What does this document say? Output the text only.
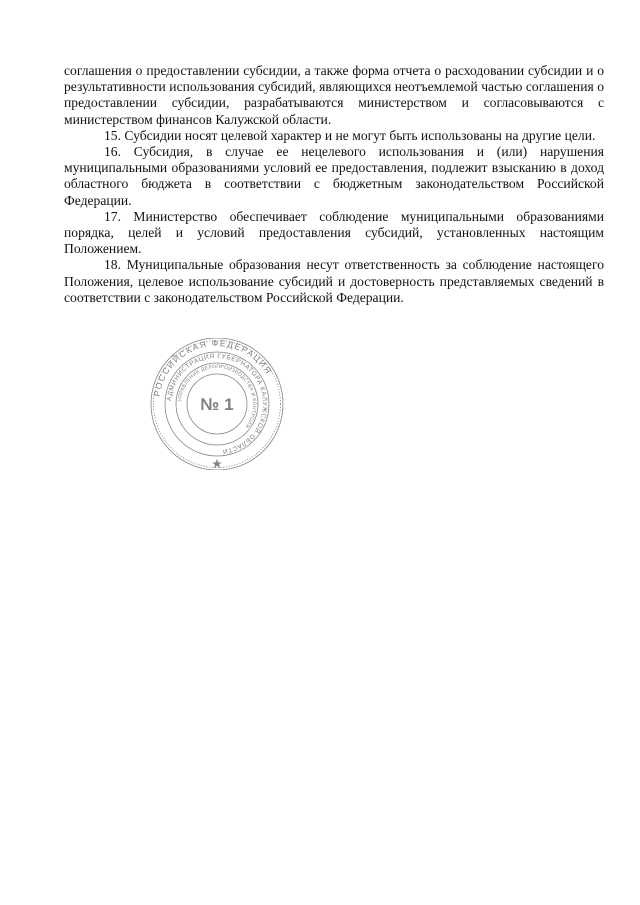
соглашения о предоставлении субсидии, а также форма отчета о расходовании субсидии и о результативности использования субсидий, являющихся неотъемлемой частью соглашения о предоставлении субсидии, разрабатываются министерством и согласовываются с министерством финансов Калужской области.

15. Субсидии носят целевой характер и не могут быть использованы на другие цели.

16. Субсидия, в случае ее нецелевого использования и (или) нарушения муниципальными образованиями условий ее предоставления, подлежит взысканию в доход областного бюджета в соответствии с бюджетным законодательством Российской Федерации.

17. Министерство обеспечивает соблюдение муниципальными образованиями порядка, целей и условий предоставления субсидий, установленных настоящим Положением.

18. Муниципальные образования несут ответственность за соблюдение настоящего Положения, целевое использование субсидий и достоверность представляемых сведений в соответствии с законодательством Российской Федерации.

РОССИЙСКАЯ ФЕДЕРАЦИЯ
АДМИНИСТРАЦИЯ ГУБЕРНАТОРА КАЛУЖСКОЙ ОБЛАСТИ
УПРАВЛЕНИЕ ДЕЛОПРОИЗВОДСТВА И КОНТРОЛЯ
№ 1
